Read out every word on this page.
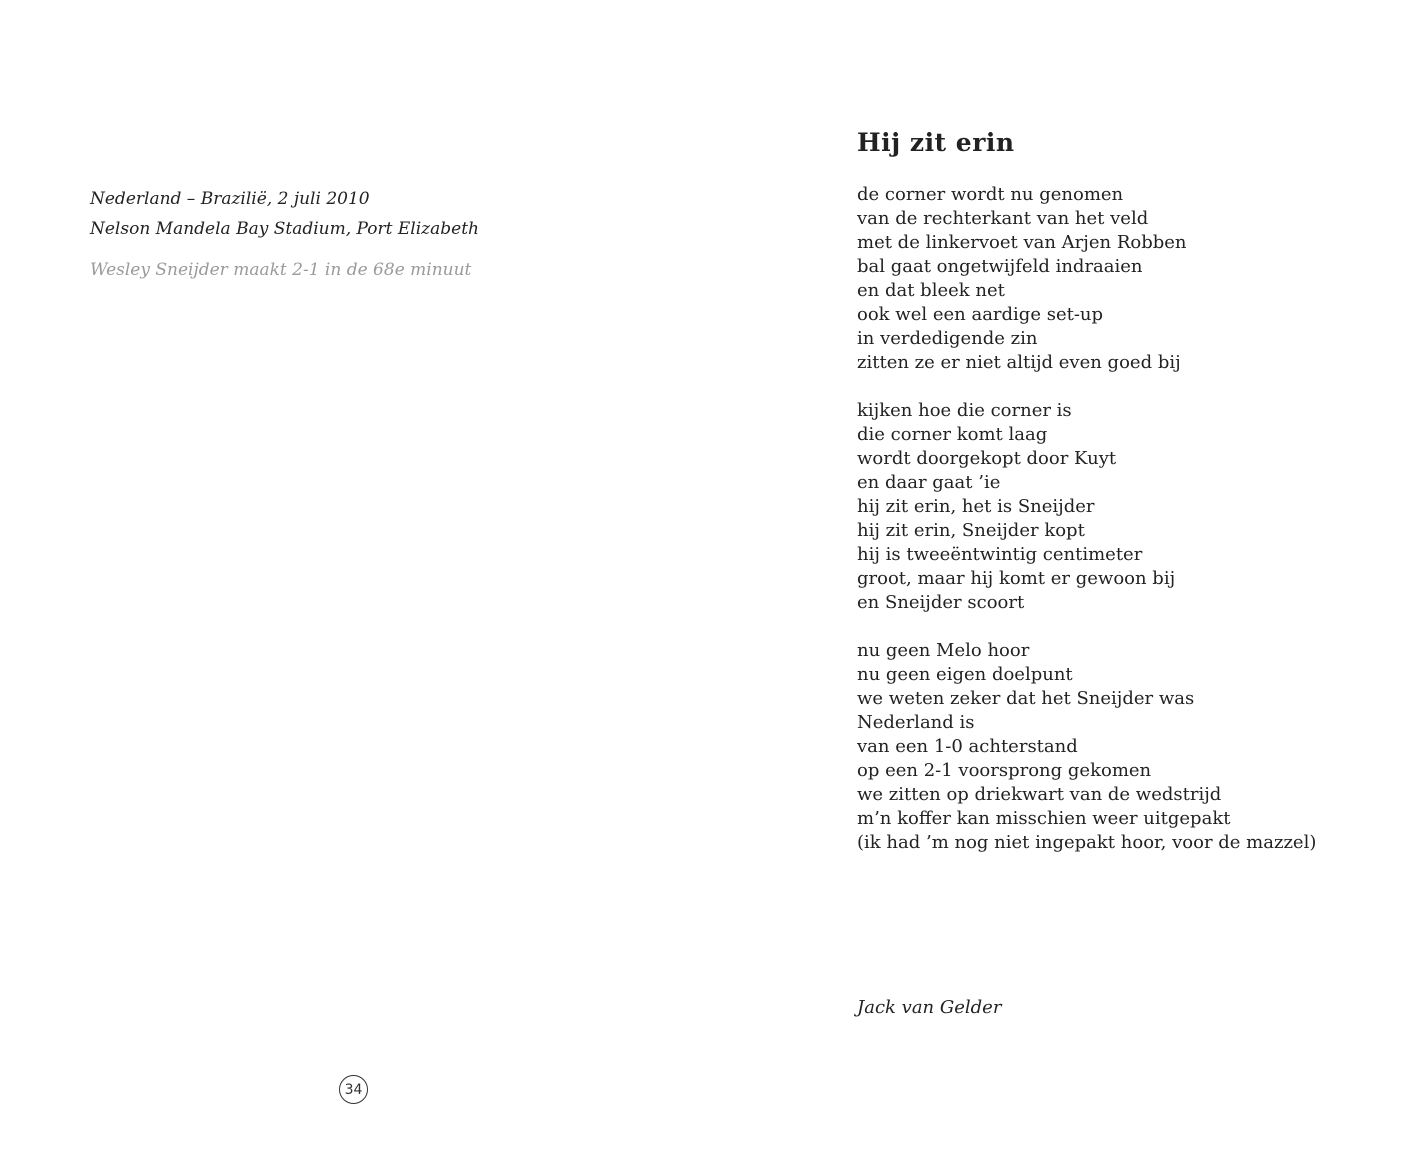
Nederland – Brazilië, 2 juli 2010
Nelson Mandela Bay Stadium, Port Elizabeth
Wesley Sneijder maakt 2-1 in de 68e minuut
34
Hij zit erin
de corner wordt nu genomen
van de rechterkant van het veld
met de linkervoet van Arjen Robben
bal gaat ongetwijfeld indraaien
en dat bleek net
ook wel een aardige set-up
in verdedigende zin
zitten ze er niet altijd even goed bij
kijken hoe die corner is
die corner komt laag
wordt doorgekopt door Kuyt
en daar gaat ’ie
hij zit erin, het is Sneijder
hij zit erin, Sneijder kopt
hij is tweeëntwintig centimeter
groot, maar hij komt er gewoon bij
en Sneijder scoort
nu geen Melo hoor
nu geen eigen doelpunt
we weten zeker dat het Sneijder was
Nederland is
van een 1-0 achterstand
op een 2-1 voorsprong gekomen
we zitten op driekwart van de wedstrijd
m’n koffer kan misschien weer uitgepakt
(ik had ’m nog niet ingepakt hoor, voor de mazzel)
Jack van Gelder
